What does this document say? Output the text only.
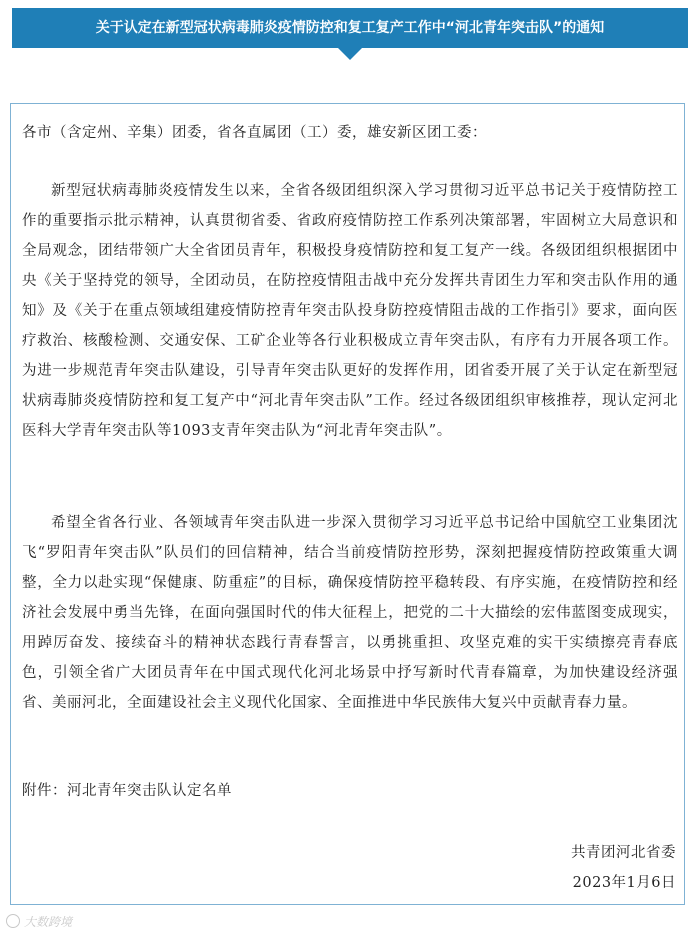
关于认定在新型冠状病毒肺炎疫情防控和复工复产工作中“河北青年突击队”的通知

各市（含定州、辛集）团委，省各直属团（工）委，雄安新区团工委：

新型冠状病毒肺炎疫情发生以来，全省各级团组织深入学习贯彻习近平总书记关于疫情防控工作的重要指示批示精神，认真贯彻省委、省政府疫情防控工作系列决策部署，牢固树立大局意识和全局观念，团结带领广大全省团员青年，积极投身疫情防控和复工复产一线。各级团组织根据团中央《关于坚持党的领导，全团动员，在防控疫情阻击战中充分发挥共青团生力军和突击队作用的通知》及《关于在重点领域组建疫情防控青年突击队投身防控疫情阻击战的工作指引》要求，面向医疗救治、核酸检测、交通安保、工矿企业等各行业积极成立青年突击队，有序有力开展各项工作。为进一步规范青年突击队建设，引导青年突击队更好的发挥作用，团省委开展了关于认定在新型冠状病毒肺炎疫情防控和复工复产中“河北青年突击队”工作。经过各级团组织审核推荐，现认定河北医科大学青年突击队等1093支青年突击队为“河北青年突击队”。

希望全省各行业、各领域青年突击队进一步深入贯彻学习习近平总书记给中国航空工业集团沈飞“罗阳青年突击队”队员们的回信精神，结合当前疫情防控形势，深刻把握疫情防控政策重大调整，全力以赴实现“保健康、防重症”的目标，确保疫情防控平稳转段、有序实施，在疫情防控和经济社会发展中勇当先锋，在面向强国时代的伟大征程上，把党的二十大描绘的宏伟蓝图变成现实，用踔厉奋发、接续奋斗的精神状态践行青春誓言，以勇挑重担、攻坚克难的实干实绩擦亮青春底色，引领全省广大团员青年在中国式现代化河北场景中抒写新时代青春篇章，为加快建设经济强省、美丽河北，全面建设社会主义现代化国家、全面推进中华民族伟大复兴中贡献青春力量。

附件：河北青年突击队认定名单

共青团河北省委
2023年1月6日
大数跨境
